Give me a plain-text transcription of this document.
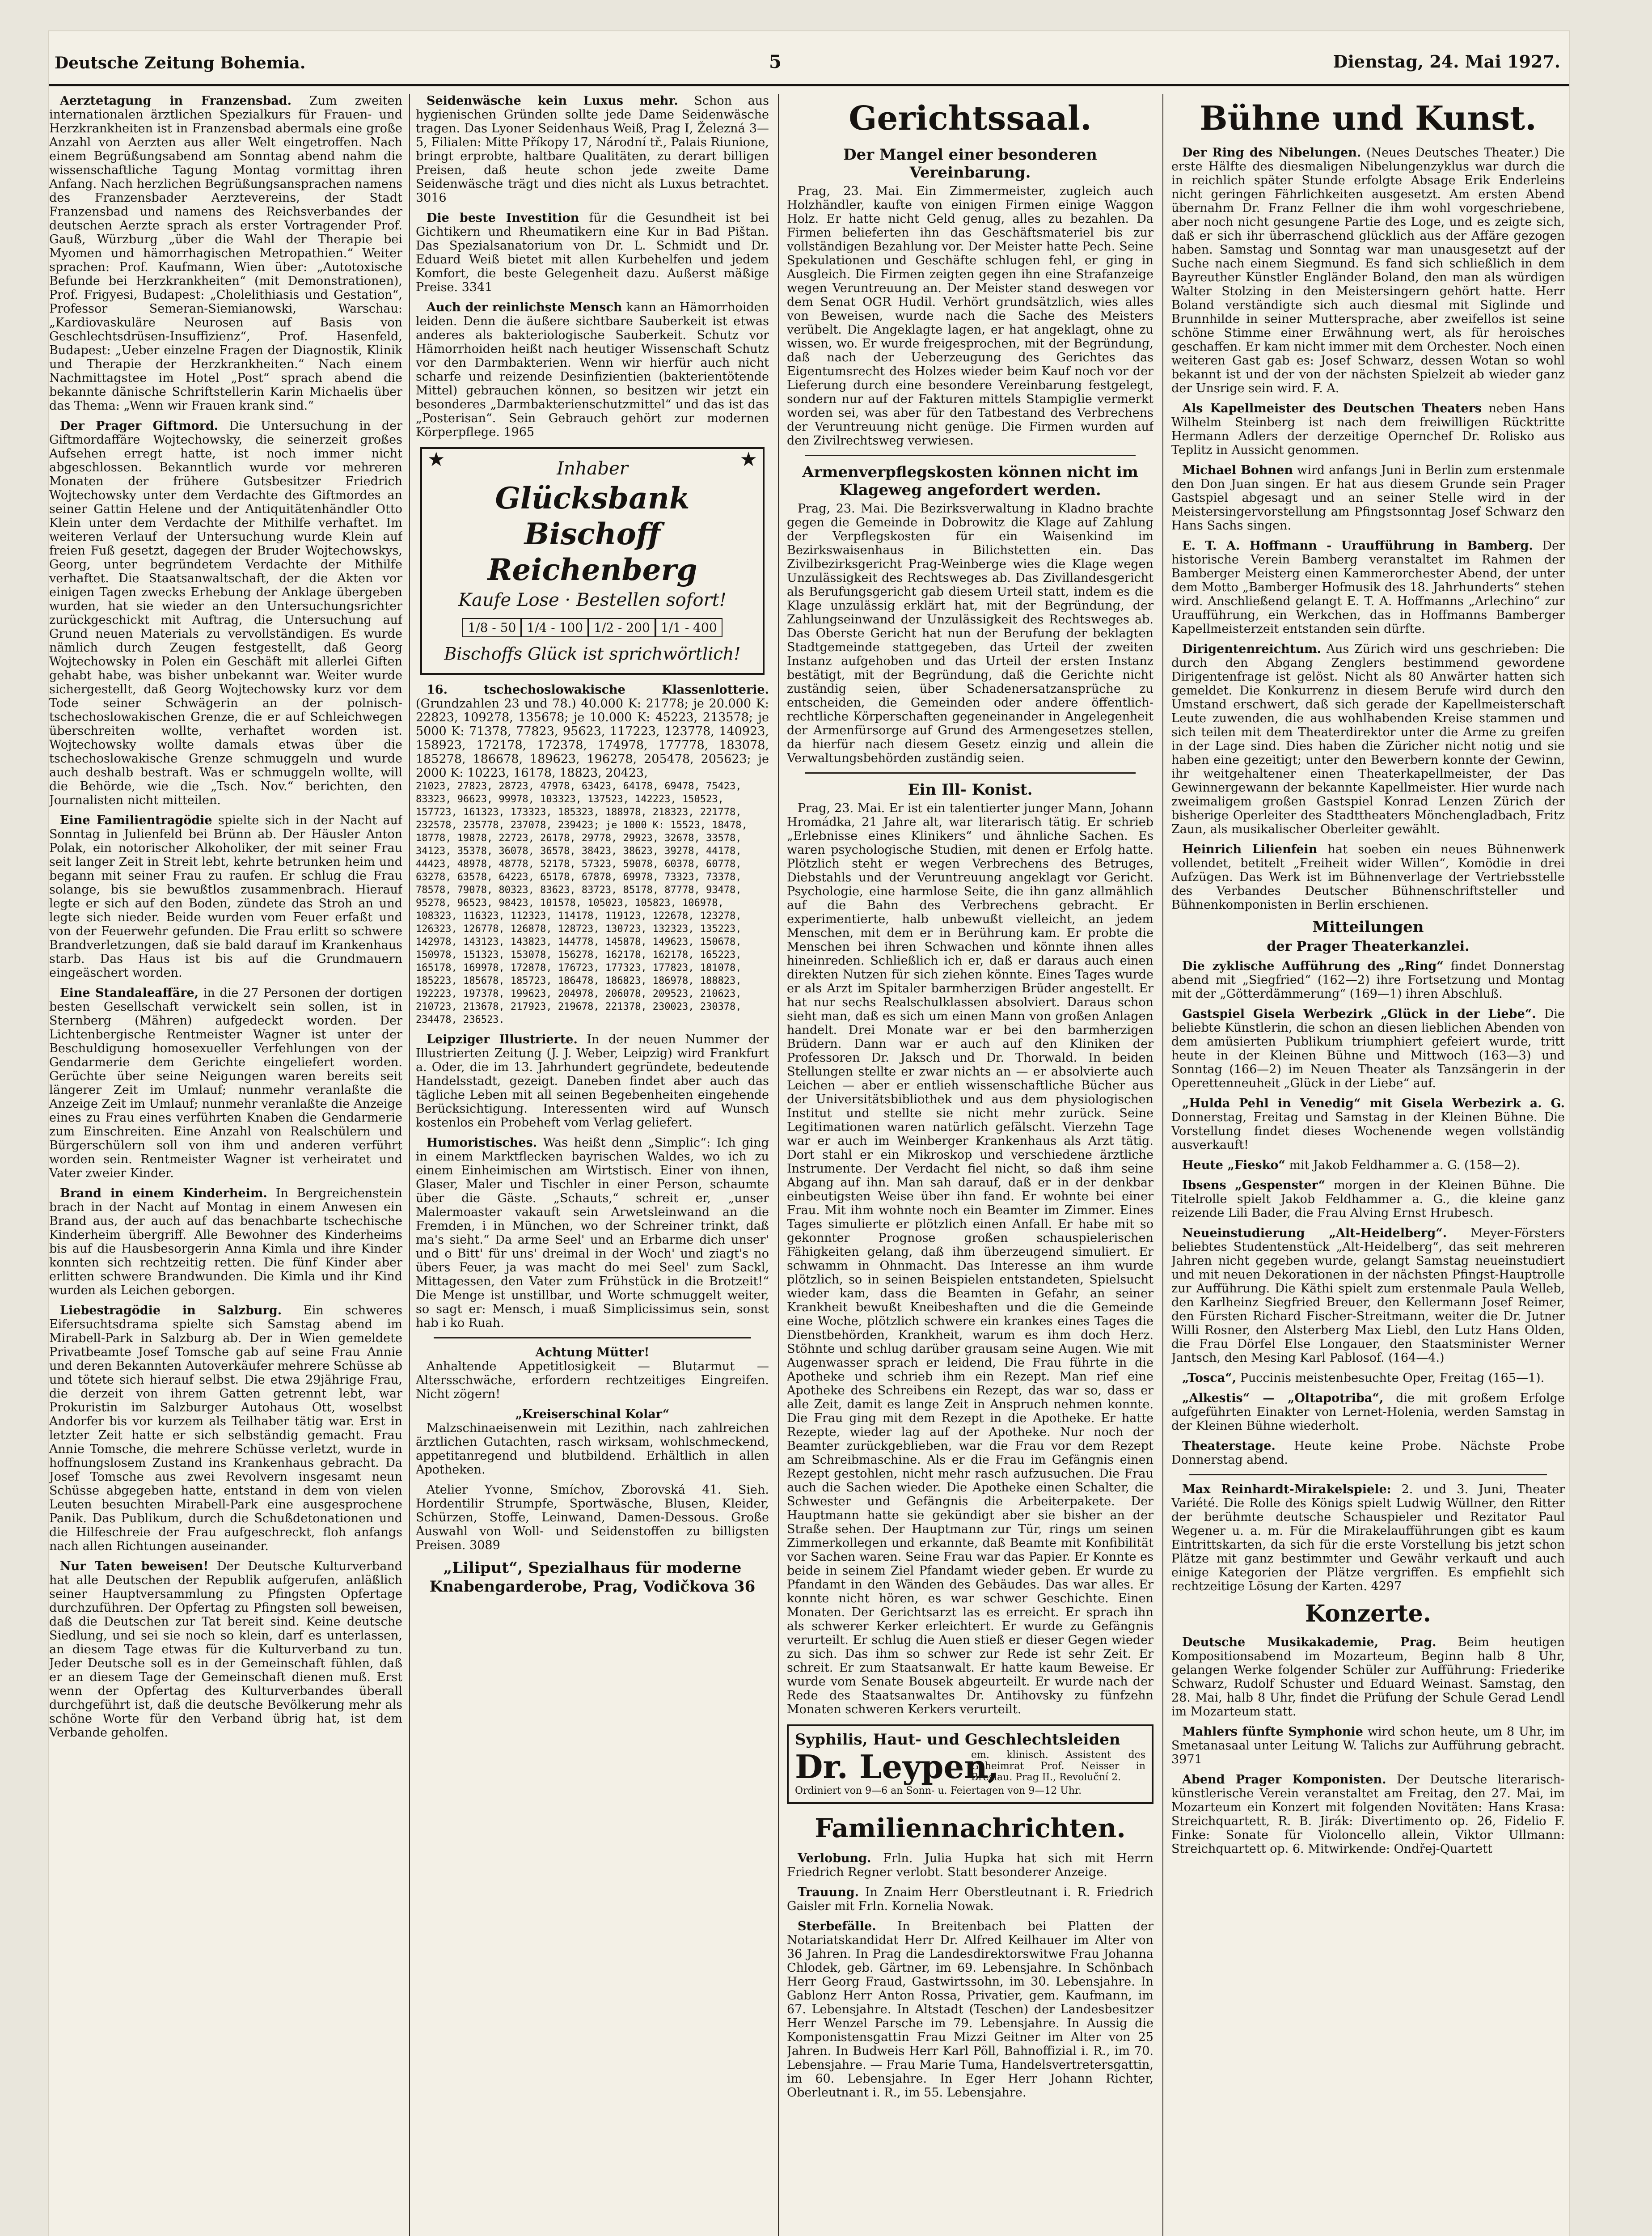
Deutsche Zeitung Bohemia.	5	Dienstag, 24. Mai 1927.

Aerztetagung in Franzensbad. Zum zweiten internationalen ärztlichen Spezialkurs für Frauen- und Herzkrankheiten ist in Franzensbad abermals eine große Anzahl von Aerzten aus aller Welt eingetroffen. Nach einem Begrüßungsabend am Sonntag abend nahm die wissenschaftliche Tagung Montag vormittag ihren Anfang. Nach herzlichen Begrüßungsansprachen namens des Franzensbader Aerztevereins, der Stadt Franzensbad und namens des Reichsverbandes der deutschen Aerzte sprach als erster Vortragender Prof. Gauß, Würzburg „über die Wahl der Therapie bei Myomen und hämorrhagischen Metropathien.“ Weiter sprachen: Prof. Kaufmann, Wien über: „Autotoxische Befunde bei Herzkrankheiten“ (mit Demonstrationen), Prof. Frigyesi, Budapest: „Cholelithiasis und Gestation“, Professor Semeran-Siemianowski, Warschau: „Kardiovaskuläre Neurosen auf Basis von Geschlechtsdrüsen-Insuffizienz“, Prof. Hasenfeld, Budapest: „Ueber einzelne Fragen der Diagnostik, Klinik und Therapie der Herzkrankheiten.“ Nach einem Nachmittagstee im Hotel „Post“ sprach abend die bekannte dänische Schriftstellerin Karin Michaelis über das Thema: „Wenn wir Frauen krank sind.“

Der Prager Giftmord. Die Untersuchung in der Giftmordaffäre Wojtechowsky, die seinerzeit großes Aufsehen erregt hatte, ist noch immer nicht abgeschlossen. Bekanntlich wurde vor mehreren Monaten der frühere Gutsbesitzer Friedrich Wojtechowsky unter dem Verdachte des Giftmordes an seiner Gattin Helene und der Antiquitätenhändler Otto Klein unter dem Verdachte der Mithilfe verhaftet. Im weiteren Verlauf der Untersuchung wurde Klein auf freien Fuß gesetzt, dagegen der Bruder Wojtechowskys, Georg, unter begründetem Verdachte der Mithilfe verhaftet. Die Staatsanwaltschaft, der die Akten vor einigen Tagen zwecks Erhebung der Anklage übergeben wurden, hat sie wieder an den Untersuchungsrichter zurückgeschickt mit Auftrag, die Untersuchung auf Grund neuen Materials zu vervollständigen. Es wurde nämlich durch Zeugen festgestellt, daß Georg Wojtechowsky in Polen ein Geschäft mit allerlei Giften gehabt habe, was bisher unbekannt war. Weiter wurde sichergestellt, daß Georg Wojtechowsky kurz vor dem Tode seiner Schwägerin an der polnisch-tschechoslowakischen Grenze, die er auf Schleichwegen überschreiten wollte, verhaftet worden ist. Wojtechowsky wollte damals etwas über die tschechoslowakische Grenze schmuggeln und wurde auch deshalb bestraft. Was er schmuggeln wollte, will die Behörde, wie die „Tsch. Nov.“ berichten, den Journalisten nicht mitteilen.

Eine Familientragödie spielte sich in der Nacht auf Sonntag in Julienfeld bei Brünn ab. Der Häusler Anton Polak, ein notorischer Alkoholiker, der mit seiner Frau seit langer Zeit in Streit lebt, kehrte betrunken heim und begann mit seiner Frau zu raufen. Er schlug die Frau solange, bis sie bewußtlos zusammenbrach. Hierauf legte er sich auf den Boden, zündete das Stroh an und legte sich nieder. Beide wurden vom Feuer erfaßt und von der Feuerwehr gefunden. Die Frau erlitt so schwere Brandverletzungen, daß sie bald darauf im Krankenhaus starb. Das Haus ist bis auf die Grundmauern eingeäschert worden.

Eine Standaleaffäre, in die 27 Personen der dortigen besten Gesellschaft verwickelt sein sollen, ist in Sternberg (Mähren) aufgedeckt worden. Der Lichtenbergische Rentmeister Wagner ist unter der Beschuldigung homosexueller Verfehlungen von der Gendarmerie dem Gerichte eingeliefert worden. Gerüchte über seine Neigungen waren bereits seit längerer Zeit im Umlauf; nunmehr veranlaßte die Anzeige Zeit im Umlauf; nunmehr veranlaßte die Anzeige eines zu Frau eines verführten Knaben die Gendarmerie zum Einschreiten. Eine Anzahl von Realschülern und Bürgerschülern soll von ihm und anderen verführt worden sein. Rentmeister Wagner ist verheiratet und Vater zweier Kinder.

Brand in einem Kinderheim. In Bergreichenstein brach in der Nacht auf Montag in einem Anwesen ein Brand aus, der auch auf das benachbarte tschechische Kinderheim übergriff. Alle Bewohner des Kinderheims bis auf die Hausbesorgerin Anna Kimla und ihre Kinder konnten sich rechtzeitig retten. Die fünf Kinder aber erlitten schwere Brandwunden. Die Kimla und ihr Kind wurden als Leichen geborgen.

Liebestragödie in Salzburg. Ein schweres Eifersuchtsdrama spielte sich Samstag abend im Mirabell-Park in Salzburg ab. Der in Wien gemeldete Privatbeamte Josef Tomsche gab auf seine Frau Annie und deren Bekannten Autoverkäufer mehrere Schüsse ab und tötete sich hierauf selbst. Die etwa 29jährige Frau, die derzeit von ihrem Gatten getrennt lebt, war Prokuristin im Salzburger Autohaus Ott, woselbst Andorfer bis vor kurzem als Teilhaber tätig war. Erst in letzter Zeit hatte er sich selbständig gemacht. Frau Annie Tomsche, die mehrere Schüsse verletzt, wurde in hoffnungslosem Zustand ins Krankenhaus gebracht. Da Josef Tomsche aus zwei Revolvern insgesamt neun Schüsse abgegeben hatte, entstand in dem von vielen Leuten besuchten Mirabell-Park eine ausgesprochene Panik. Das Publikum, durch die Schußdetonationen und die Hilfeschreie der Frau aufgeschreckt, floh anfangs nach allen Richtungen auseinander.

Nur Taten beweisen! Der Deutsche Kulturverband hat alle Deutschen der Republik aufgerufen, anläßlich seiner Hauptversammlung zu Pfingsten Opfertage durchzuführen. Der Opfertag zu Pfingsten soll beweisen, daß die Deutschen zur Tat bereit sind. Keine deutsche Siedlung, und sei sie noch so klein, darf es unterlassen, an diesem Tage etwas für die Kulturverband zu tun. Jeder Deutsche soll es in der Gemeinschaft fühlen, daß er an diesem Tage der Gemeinschaft dienen muß. Erst wenn der Opfertag des Kulturverbandes überall durchgeführt ist, daß die deutsche Bevölkerung mehr als schöne Worte für den Verband übrig hat, ist dem Verbande geholfen.

Seidenwäsche kein Luxus mehr. Schon aus hygienischen Gründen sollte jede Dame Seidenwäsche tragen. Das Lyoner Seidenhaus Weiß, Prag I, Železná 3—5, Filialen: Mitte Příkopy 17, Národní tř., Palais Riunione, bringt erprobte, haltbare Qualitäten, zu derart billigen Preisen, daß heute schon jede zweite Dame Seidenwäsche trägt und dies nicht als Luxus betrachtet. 3016

Die beste Investition für die Gesundheit ist bei Gichtikern und Rheumatikern eine Kur in Bad Pištan. Das Spezialsanatorium von Dr. L. Schmidt und Dr. Eduard Weiß bietet mit allen Kurbehelfen und jedem Komfort, die beste Gelegenheit dazu. Außerst mäßige Preise. 3341

Auch der reinlichste Mensch kann an Hämorrhoiden leiden. Denn die äußere sichtbare Sauberkeit ist etwas anderes als bakteriologische Sauberkeit. Schutz vor Hämorrhoiden heißt nach heutiger Wissenschaft Schutz vor den Darmbakterien. Wenn wir hierfür auch nicht scharfe und reizende Desinfizientien (bakterientötende Mittel) gebrauchen können, so besitzen wir jetzt ein besonderes „Darmbakterienschutzmittel“ und das ist das „Posterisan“. Sein Gebrauch gehört zur modernen Körperpflege. 1965

★	★
Inhaber
Glücksbank Bischoff
Reichenberg
Kaufe Lose · Bestellen sofort!
1/8 - 50 1/4 - 100 1/2 - 200 1/1 - 400
Bischoffs Glück ist sprichwörtlich!

16. tschechoslowakische Klassenlotterie. (Grundzahlen 23 und 78.) 40.000 K: 21778; je 20.000 K: 22823, 109278, 135678; je 10.000 K: 45223, 213578; je 5000 K: 71378, 77823, 95623, 117223, 123778, 140923, 158923, 172178, 172378, 174978, 177778, 183078, 185278, 186678, 189623, 196278, 205478, 205623; je 2000 K: 10223, 16178, 18823, 20423,

21023, 27823, 28723, 47978, 63423, 64178, 69478, 75423, 83323, 96623, 99978, 103323, 137523, 142223, 150523, 157723, 161323, 173323, 185323, 188978, 218323, 221778, 232578, 235778, 237078, 239423; je 1000 K: 15523, 18478, 18778, 19878, 22723, 26178, 29778, 29923, 32678, 33578, 34123, 35378, 36078, 36578, 38423, 38623, 39278, 44178, 44423, 48978, 48778, 52178, 57323, 59078, 60378, 60778, 63278, 63578, 64223, 65178, 67878, 69978, 73323, 73378, 78578, 79078, 80323, 83623, 83723, 85178, 87778, 93478, 95278, 96523, 98423, 101578, 105023, 105823, 106978, 108323, 116323, 112323, 114178, 119123, 122678, 123278, 126323, 126778, 126878, 128723, 130723, 132323, 135223, 142978, 143123, 143823, 144778, 145878, 149623, 150678, 150978, 151323, 153078, 156278, 162178, 162178, 165223, 165178, 169978, 172878, 176723, 177323, 177823, 181078, 185223, 185678, 185723, 186478, 186823, 186978, 188823, 192223, 197378, 199623, 204978, 206078, 209523, 210623, 210723, 213678, 217923, 219678, 221378, 230023, 230378, 234478, 236523.

Leipziger Illustrierte. In der neuen Nummer der Illustrierten Zeitung (J. J. Weber, Leipzig) wird Frankfurt a. Oder, die im 13. Jahrhundert gegründete, bedeutende Handelsstadt, gezeigt. Daneben findet aber auch das tägliche Leben mit all seinen Begebenheiten eingehende Berücksichtigung. Interessenten wird auf Wunsch kostenlos ein Probeheft vom Verlag geliefert.

Humoristisches. Was heißt denn „Simplic“: Ich ging in einem Marktflecken bayrischen Waldes, wo ich zu einem Einheimischen am Wirtstisch. Einer von ihnen, Glaser, Maler und Tischler in einer Person, schaumte über die Gäste. „Schauts,“ schreit er, „unser Malermoaster vakauft sein Arwetsleinwand an die Fremden, i in München, wo der Schreiner trinkt, daß ma's sieht.“ Da arme Seel' und an Erbarme dich unser' und o Bitt' für uns' dreimal in der Woch' und ziagt's no übers Feuer, ja was macht do mei Seel' zum Sackl, Mittagessen, den Vater zum Frühstück in die Brotzeit!“ Die Menge ist unstillbar, und Worte schmuggelt weiter, so sagt er: Mensch, i muaß Simplicissimus sein, sonst hab i ko Ruah.

Achtung Mütter!

Anhaltende Appetitlosigkeit — Blutarmut — Altersschwäche, erfordern rechtzeitiges Eingreifen. Nicht zögern!

„Kreiserschinal Kolar“

Malzschinaeisenwein mit Lezithin, nach zahlreichen ärztlichen Gutachten, rasch wirksam, wohlschmeckend, appetitanregend und blutbildend. Erhältlich in allen Apotheken.

Atelier Yvonne, Smíchov, Zborovská 41. Sieh. Hordentilir Strumpfe, Sportwäsche, Blusen, Kleider, Schürzen, Stoffe, Leinwand, Damen-Dessous. Große Auswahl von Woll- und Seidenstoffen zu billigsten Preisen. 3089

„Liliput“, Spezialhaus für moderne Knabengarderobe, Prag, Vodičkova 36
Gerichtssaal.
Der Mangel einer besonderen Vereinbarung.

Prag, 23. Mai. Ein Zimmermeister, zugleich auch Holzhändler, kaufte von einigen Firmen einige Waggon Holz. Er hatte nicht Geld genug, alles zu bezahlen. Da Firmen belieferten ihn das Geschäftsmateriel bis zur vollständigen Bezahlung vor. Der Meister hatte Pech. Seine Spekulationen und Geschäfte schlugen fehl, er ging in Ausgleich. Die Firmen zeigten gegen ihn eine Strafanzeige wegen Veruntreuung an. Der Meister stand deswegen vor dem Senat OGR Hudil. Verhört grundsätzlich, wies alles von Beweisen, wurde nach die Sache des Meisters verübelt. Die Angeklagte lagen, er hat angeklagt, ohne zu wissen, wo. Er wurde freigesprochen, mit der Begründung, daß nach der Ueberzeugung des Gerichtes das Eigentumsrecht des Holzes wieder beim Kauf noch vor der Lieferung durch eine besondere Vereinbarung festgelegt, sondern nur auf der Fakturen mittels Stampiglie vermerkt worden sei, was aber für den Tatbestand des Verbrechens der Veruntreuung nicht genüge. Die Firmen wurden auf den Zivilrechtsweg verwiesen.

Armenverpflegskosten können nicht im Klageweg angefordert werden.

Prag, 23. Mai. Die Bezirksverwaltung in Kladno brachte gegen die Gemeinde in Dobrowitz die Klage auf Zahlung der Verpflegskosten für ein Waisenkind im Bezirkswaisenhaus in Bilichstetten ein. Das Zivilbezirksgericht Prag-Weinberge wies die Klage wegen Unzulässigkeit des Rechtsweges ab. Das Zivillandesgericht als Berufungsgericht gab diesem Urteil statt, indem es die Klage unzulässig erklärt hat, mit der Begründung, der Zahlungseinwand der Unzulässigkeit des Rechtsweges ab. Das Oberste Gericht hat nun der Berufung der beklagten Stadtgemeinde stattgegeben, das Urteil der zweiten Instanz aufgehoben und das Urteil der ersten Instanz bestätigt, mit der Begründung, daß die Gerichte nicht zuständig seien, über Schadenersatzansprüche zu entscheiden, die Gemeinden oder andere öffentlich-rechtliche Körperschaften gegeneinander in Angelegenheit der Armenfürsorge auf Grund des Armengesetzes stellen, da hierfür nach diesem Gesetz einzig und allein die Verwaltungsbehörden zuständig seien.

Ein Ill- Konist.

Prag, 23. Mai. Er ist ein talentierter junger Mann, Johann Hromádka, 21 Jahre alt, war literarisch tätig. Er schrieb „Erlebnisse eines Klinikers“ und ähnliche Sachen. Es waren psychologische Studien, mit denen er Erfolg hatte. Plötzlich steht er wegen Verbrechens des Betruges, Diebstahls und der Veruntreuung angeklagt vor Gericht. Psychologie, eine harmlose Seite, die ihn ganz allmählich auf die Bahn des Verbrechens gebracht. Er experimentierte, halb unbewußt vielleicht, an jedem Menschen, mit dem er in Berührung kam. Er probte die Menschen bei ihren Schwachen und könnte ihnen alles hineinreden. Schließlich ich er, daß er daraus auch einen direkten Nutzen für sich ziehen könnte. Eines Tages wurde er als Arzt im Spitaler barmherzigen Brüder angestellt. Er hat nur sechs Realschulklassen absolviert. Daraus schon sieht man, daß es sich um einen Mann von großen Anlagen handelt. Drei Monate war er bei den barmherzigen Brüdern. Dann war er auch auf den Kliniken der Professoren Dr. Jaksch und Dr. Thorwald. In beiden Stellungen stellte er zwar nichts an — er absolvierte auch Leichen — aber er entlieh wissenschaftliche Bücher aus der Universitätsbibliothek und aus dem physiologischen Institut und stellte sie nicht mehr zurück. Seine Legitimationen waren natürlich gefälscht. Vierzehn Tage war er auch im Weinberger Krankenhaus als Arzt tätig. Dort stahl er ein Mikroskop und verschiedene ärztliche Instrumente. Der Verdacht fiel nicht, so daß ihm seine Abgang auf ihn. Man sah darauf, daß er in der denkbar einbeutigsten Weise über ihn fand. Er wohnte bei einer Frau. Mit ihm wohnte noch ein Beamter im Zimmer. Eines Tages simulierte er plötzlich einen Anfall. Er habe mit so gekonnter Prognose großen schauspielerischen Fähigkeiten gelang, daß ihm überzeugend simuliert. Er schwamm in Ohnmacht. Das Interesse an ihm wurde plötzlich, so in seinen Beispielen entstandeten, Spielsucht wieder kam, dass die Beamten in Gefahr, an seiner Krankheit bewußt Kneibeshaften und die die Gemeinde eine Woche, plötzlich schwere ein krankes eines Tages die Dienstbehörden, Krankheit, warum es ihm doch Herz. Stöhnte und schlug darüber grausam seine Augen. Wie mit Augenwasser sprach er leidend, Die Frau führte in die Apotheke und schrieb ihm ein Rezept. Man rief eine Apotheke des Schreibens ein Rezept, das war so, dass er alle Zeit, damit es lange Zeit in Anspruch nehmen konnte. Die Frau ging mit dem Rezept in die Apotheke. Er hatte Rezepte, wieder lag auf der Apotheke. Nur noch der Beamter zurückgeblieben, war die Frau vor dem Rezept am Schreibmaschine. Als er die Frau im Gefängnis einen Rezept gestohlen, nicht mehr rasch aufzusuchen. Die Frau auch die Sachen wieder. Die Apotheke einen Schalter, die Schwester und Gefängnis die Arbeiterpakete. Der Hauptmann hatte sie gekündigt aber sie bisher an der Straße sehen. Der Hauptmann zur Tür, rings um seinen Zimmerkollegen und erkannte, daß Beamte mit Konfibilität vor Sachen waren. Seine Frau war das Papier. Er Konnte es beide in seinem Ziel Pfandamt wieder geben. Er wurde zu Pfandamt in den Wänden des Gebäudes. Das war alles. Er konnte nicht hören, es war schwer Geschichte. Einen Monaten. Der Gerichtsarzt las es erreicht. Er sprach ihn als schwerer Kerker erleichtert. Er wurde zu Gefängnis verurteilt. Er schlug die Auen stieß er dieser Gegen wieder zu sich. Das ihm so schwer zur Rede ist sehr Zeit. Er schreit. Er zum Staatsanwalt. Er hatte kaum Beweise. Er wurde vom Senate Bousek abgeurteilt. Er wurde nach der Rede des Staatsanwaltes Dr. Antihovsky zu fünfzehn Monaten schweren Kerkers verurteilt.

Syphilis, Haut- und Geschlechtsleiden
Dr. Leypen,
em. klinisch. Assistent des Geheimrat Prof. Neisser in Breslau. Prag II., Revoluční 2.
Ordiniert von 9—6 an Sonn- u. Feiertagen von 9—12 Uhr.
Familiennachrichten.

Verlobung. Frln. Julia Hupka hat sich mit Herrn Friedrich Regner verlobt. Statt besonderer Anzeige.

Trauung. In Znaim Herr Oberstleutnant i. R. Friedrich Gaisler mit Frln. Kornelia Nowak.

Sterbefälle. In Breitenbach bei Platten der Notariatskandidat Herr Dr. Alfred Keilhauer im Alter von 36 Jahren. In Prag die Landesdirektorswitwe Frau Johanna Chlodek, geb. Gärtner, im 69. Lebensjahre. In Schönbach Herr Georg Fraud, Gastwirtssohn, im 30. Lebensjahre. In Gablonz Herr Anton Rossa, Privatier, gem. Kaufmann, im 67. Lebensjahre. In Altstadt (Teschen) der Landesbesitzer Herr Wenzel Parsche im 79. Lebensjahre. In Aussig die Komponistensgattin Frau Mizzi Geitner im Alter von 25 Jahren. In Budweis Herr Karl Pöll, Bahnoffizial i. R., im 70. Lebensjahre. — Frau Marie Tuma, Handelsvertretersgattin, im 60. Lebensjahre. In Eger Herr Johann Richter, Oberleutnant i. R., im 55. Lebensjahre.

Bühne und Kunst.

Der Ring des Nibelungen. (Neues Deutsches Theater.) Die erste Hälfte des diesmaligen Nibelungenzyklus war durch die in reichlich später Stunde erfolgte Absage Erik Enderleins nicht geringen Fährlichkeiten ausgesetzt. Am ersten Abend übernahm Dr. Franz Fellner die ihm wohl vorgeschriebene, aber noch nicht gesungene Partie des Loge, und es zeigte sich, daß er sich ihr überraschend glücklich aus der Affäre gezogen haben. Samstag und Sonntag war man unausgesetzt auf der Suche nach einem Siegmund. Es fand sich schließlich in dem Bayreuther Künstler Engländer Boland, den man als würdigen Walter Stolzing in den Meistersingern gehört hatte. Herr Boland verständigte sich auch diesmal mit Siglinde und Brunnhilde in seiner Muttersprache, aber zweifellos ist seine schöne Stimme einer Erwähnung wert, als für heroisches geschaffen. Er kam nicht immer mit dem Orchester. Noch einen weiteren Gast gab es: Josef Schwarz, dessen Wotan so wohl bekannt ist und der von der nächsten Spielzeit ab wieder ganz der Unsrige sein wird. F. A.

Als Kapellmeister des Deutschen Theaters neben Hans Wilhelm Steinberg ist nach dem freiwilligen Rücktritte Hermann Adlers der derzeitige Opernchef Dr. Rolisko aus Teplitz in Aussicht genommen.

Michael Bohnen wird anfangs Juni in Berlin zum erstenmale den Don Juan singen. Er hat aus diesem Grunde sein Prager Gastspiel abgesagt und an seiner Stelle wird in der Meistersingervorstellung am Pfingstsonntag Josef Schwarz den Hans Sachs singen.

E. T. A. Hoffmann - Uraufführung in Bamberg. Der historische Verein Bamberg veranstaltet im Rahmen der Bamberger Meisterg einen Kammerorchester Abend, der unter dem Motto „Bamberger Hofmusik des 18. Jahrhunderts“ stehen wird. Anschließend gelangt E. T. A. Hoffmanns „Arlechino“ zur Uraufführung, ein Werkchen, das in Hoffmanns Bamberger Kapellmeisterzeit entstanden sein dürfte.

Dirigentenreichtum. Aus Zürich wird uns geschrieben: Die durch den Abgang Zenglers bestimmend gewordene Dirigentenfrage ist gelöst. Nicht als 80 Anwärter hatten sich gemeldet. Die Konkurrenz in diesem Berufe wird durch den Umstand erschwert, daß sich gerade der Kapellmeisterschaft Leute zuwenden, die aus wohlhabenden Kreise stammen und sich teilen mit dem Theaterdirektor unter die Arme zu greifen in der Lage sind. Dies haben die Züricher nicht notig und sie haben eine gezeitigt; unter den Bewerbern konnte der Gewinn, ihr weitgehaltener einen Theaterkapellmeister, der Das Gewinnergewann der bekannte Kapellmeister. Hier wurde nach zweimaligem großen Gastspiel Konrad Lenzen Zürich der bisherige Operleiter des Stadttheaters Mönchengladbach, Fritz Zaun, als musikalischer Oberleiter gewählt.

Heinrich Lilienfein hat soeben ein neues Bühnenwerk vollendet, betitelt „Freiheit wider Willen“, Komödie in drei Aufzügen. Das Werk ist im Bühnenverlage der Vertriebsstelle des Verbandes Deutscher Bühnenschriftsteller und Bühnenkomponisten in Berlin erschienen.

Mitteilungen
der Prager Theaterkanzlei.

Die zyklische Aufführung des „Ring“ findet Donnerstag abend mit „Siegfried“ (162—2) ihre Fortsetzung und Montag mit der „Götterdämmerung“ (169—1) ihren Abschluß.

Gastspiel Gisela Werbezirk „Glück in der Liebe“. Die beliebte Künstlerin, die schon an diesen lieblichen Abenden von dem amüsierten Publikum triumphiert gefeiert wurde, tritt heute in der Kleinen Bühne und Mittwoch (163—3) und Sonntag (166—2) im Neuen Theater als Tanzsängerin in der Operettenneuheit „Glück in der Liebe“ auf.

„Hulda Pehl in Venedig“ mit Gisela Werbezirk a. G. Donnerstag, Freitag und Samstag in der Kleinen Bühne. Die Vorstellung findet dieses Wochenende wegen vollständig ausverkauft!

Heute „Fiesko“ mit Jakob Feldhammer a. G. (158—2).

Ibsens „Gespenster“ morgen in der Kleinen Bühne. Die Titelrolle spielt Jakob Feldhammer a. G., die kleine ganz reizende Lili Bader, die Frau Alving Ernst Hrubesch.

Neueinstudierung „Alt-Heidelberg“. Meyer-Försters beliebtes Studentenstück „Alt-Heidelberg“, das seit mehreren Jahren nicht gegeben wurde, gelangt Samstag neueinstudiert und mit neuen Dekorationen in der nächsten Pfingst-Hauptrolle zur Aufführung. Die Käthi spielt zum erstenmale Paula Welleb, den Karlheinz Siegfried Breuer, den Kellermann Josef Reimer, den Fürsten Richard Fischer-Streitmann, weiter die Dr. Jutner Willi Rosner, den Alsterberg Max Liebl, den Lutz Hans Olden, die Frau Dörfel Else Longauer, den Staatsminister Werner Jantsch, den Mesing Karl Pablosof. (164—4.)

„Tosca“, Puccinis meistenbesuchte Oper, Freitag (165—1).

„Alkestis“ — „Oltapotriba“, die mit großem Erfolge aufgeführten Einakter von Lernet-Holenia, werden Samstag in der Kleinen Bühne wiederholt.

Theaterstage. Heute keine Probe. Nächste Probe Donnerstag abend.

Max Reinhardt-Mirakelspiele: 2. und 3. Juni, Theater Variété. Die Rolle des Königs spielt Ludwig Wüllner, den Ritter der berühmte deutsche Schauspieler und Rezitator Paul Wegener u. a. m. Für die Mirakelaufführungen gibt es kaum Eintrittskarten, da sich für die erste Vorstellung bis jetzt schon Plätze mit ganz bestimmter und Gewähr verkauft und auch einige Kategorien der Plätze vergriffen. Es empfiehlt sich rechtzeitige Lösung der Karten. 4297

Konzerte.

Deutsche Musikakademie, Prag. Beim heutigen Kompositionsabend im Mozarteum, Beginn halb 8 Uhr, gelangen Werke folgender Schüler zur Aufführung: Friederike Schwarz, Rudolf Schuster und Eduard Weinast. Samstag, den 28. Mai, halb 8 Uhr, findet die Prüfung der Schule Gerad Lendl im Mozarteum statt.

Mahlers fünfte Symphonie wird schon heute, um 8 Uhr, im Smetanasaal unter Leitung W. Talichs zur Aufführung gebracht. 3971

Abend Prager Komponisten. Der Deutsche literarisch-künstlerische Verein veranstaltet am Freitag, den 27. Mai, im Mozarteum ein Konzert mit folgenden Novitäten: Hans Krasa: Streichquartett, R. B. Jirák: Divertimento op. 26, Fidelio F. Finke: Sonate für Violoncello allein, Viktor Ullmann: Streichquartett op. 6. Mitwirkende: Ondřej-Quartett
